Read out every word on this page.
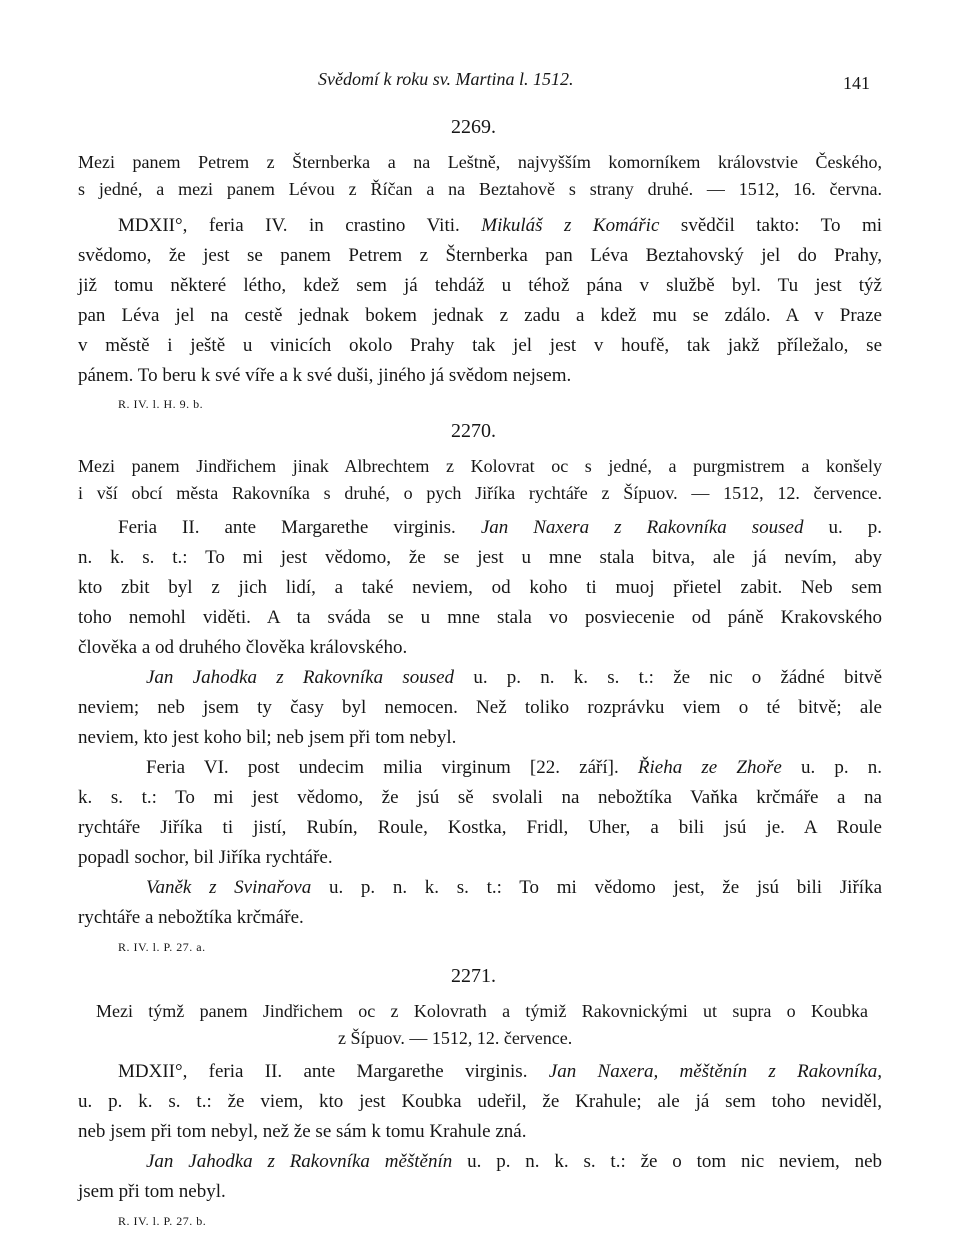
Svědomí k roku sv. Martina l. 1512.	141
2269.
Mezi panem Petrem z Šternberka a na Leštně, najvyšším komorníkem královstvie Českého,
s jedné, a mezi panem Lévou z Říčan a na Beztahově s strany druhé. — 1512, 16. června.
MDXII°, feria IV. in crastino Viti. Mikuláš z Komářic svědčil takto: To mi
svědomo, že jest se panem Petrem z Šternberka pan Léva Beztahovský jel do Prahy,
již tomu některé létho, kdež sem já tehdáž u téhož pána v službě byl. Tu jest týž
pan Léva jel na cestě jednak bokem jednak z zadu a kdež mu se zdálo. A v Praze
v městě i ještě u vinicích okolo Prahy tak jel jest v houfě, tak jakž příležalo, se
pánem. To beru k své víře a k své duši, jiného já svědom nejsem.
R. IV. l. H. 9. b.
2270.
Mezi panem Jindřichem jinak Albrechtem z Kolovrat oc s jedné, a purgmistrem a konšely
i vší obcí města Rakovníka s druhé, o pych Jiříka rychtáře z Šípuov. — 1512, 12. července.
Feria II. ante Margarethe virginis. Jan Naxera z Rakovníka soused u. p.
n. k. s. t.: To mi jest vědomo, že se jest u mne stala bitva, ale já nevím, aby
kto zbit byl z jich lidí, a také neviem, od koho ti muoj přietel zabit. Neb sem
toho nemohl viděti. A ta sváda se u mne stala vo posviecenie od páně Krakovského
člověka a od druhého člověka královského.
Jan Jahodka z Rakovníka soused u. p. n. k. s. t.: že nic o žádné bitvě
neviem; neb jsem ty časy byl nemocen. Než toliko rozprávku viem o té bitvě; ale
neviem, kto jest koho bil; neb jsem při tom nebyl.
Feria VI. post undecim milia virginum [22. září]. Řieha ze Zhoře u. p. n.
k. s. t.: To mi jest vědomo, že jsú sě svolali na nebožtíka Vaňka krčmáře a na
rychtáře Jiříka ti jistí, Rubín, Roule, Kostka, Fridl, Uher, a bili jsú je. A Roule
popadl sochor, bil Jiříka rychtáře.
Vaněk z Svinařova u. p. n. k. s. t.: To mi vědomo jest, že jsú bili Jiříka
rychtáře a nebožtíka krčmáře.
R. IV. l. P. 27. a.
2271.
Mezi týmž panem Jindřichem oc z Kolovrath a týmiž Rakovnickými ut supra o Koubka
z Šípuov. — 1512, 12. července.
MDXII°, feria II. ante Margarethe virginis. Jan Naxera, měštěnín z Rakovníka,
u. p. k. s. t.: že viem, kto jest Koubka udeřil, že Krahule; ale já sem toho neviděl,
neb jsem při tom nebyl, než že se sám k tomu Krahule zná.
Jan Jahodka z Rakovníka měštěnín u. p. n. k. s. t.: že o tom nic neviem, neb
jsem při tom nebyl.
R. IV. l. P. 27. b.
